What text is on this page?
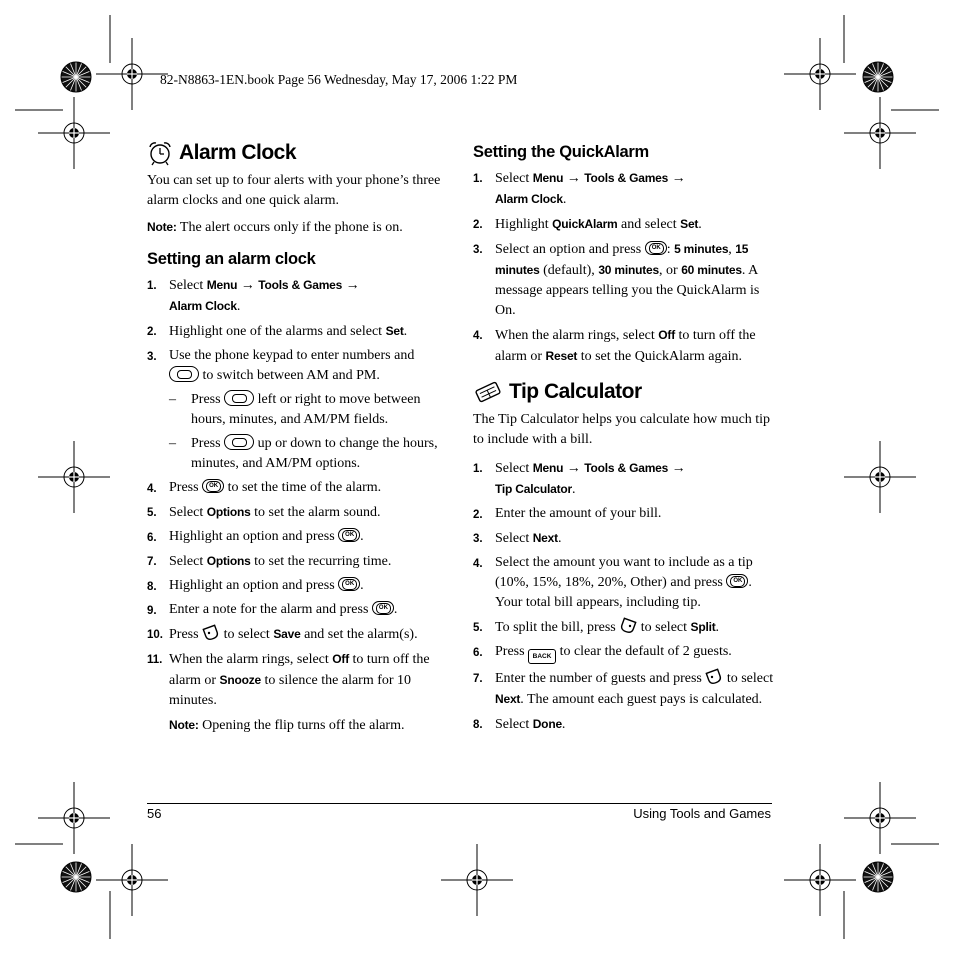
82-N8863-1EN.book Page 56 Wednesday, May 17, 2006 1:22 PM
Alarm Clock

You can set up to four alerts with your phone’s three alarm clocks and one quick alarm.

Note: The alert occurs only if the phone is on.
Setting an alarm clock
1. Select Menu → Tools & Games →
Alarm Clock.
2. Highlight one of the alarms and select Set.
3. Use the phone keypad to enter numbers and

to switch between AM and PM.
– Press
left or right to move between hours, minutes, and AM/PM fields.
– Press
up or down to change the hours, minutes, and AM/PM options.
4. Press	OK to set the time of the alarm.
5. Select Options to set the alarm sound.
6. Highlight an option and press	OK .
7. Select Options to set the recurring time.
8. Highlight an option and press	OK .
9. Enter a note for the alarm and press	OK .
10. Press  to select Save and set the alarm(s).
11. When the alarm rings, select Off to turn off the alarm or Snooze to silence the alarm for 10 minutes.
Note: Opening the flip turns off the alarm.
Setting the QuickAlarm
1. Select Menu → Tools & Games →
Alarm Clock.
2. Highlight QuickAlarm and select Set.
3. Select an option and press	OK : 5 minutes, 15 minutes (default), 30 minutes, or 60 minutes. A message appears telling you the QuickAlarm is On.
4. When the alarm rings, select Off to turn off the alarm or Reset to set the QuickAlarm again.
Tip Calculator

The Tip Calculator helps you calculate how much tip to include with a bill.

1. Select Menu → Tools & Games →
Tip Calculator.
2. Enter the amount of your bill.
3. Select Next.
4. Select the amount you want to include as a tip (10%, 15%, 18%, 20%, Other) and press	OK . Your total bill appears, including tip.
5. To split the bill, press  to select Split.
6. Press BACK to clear the default of 2 guests.
7. Enter the number of guests and press  to select Next. The amount each guest pays is calculated.
8. Select Done.
56	Using Tools and Games
